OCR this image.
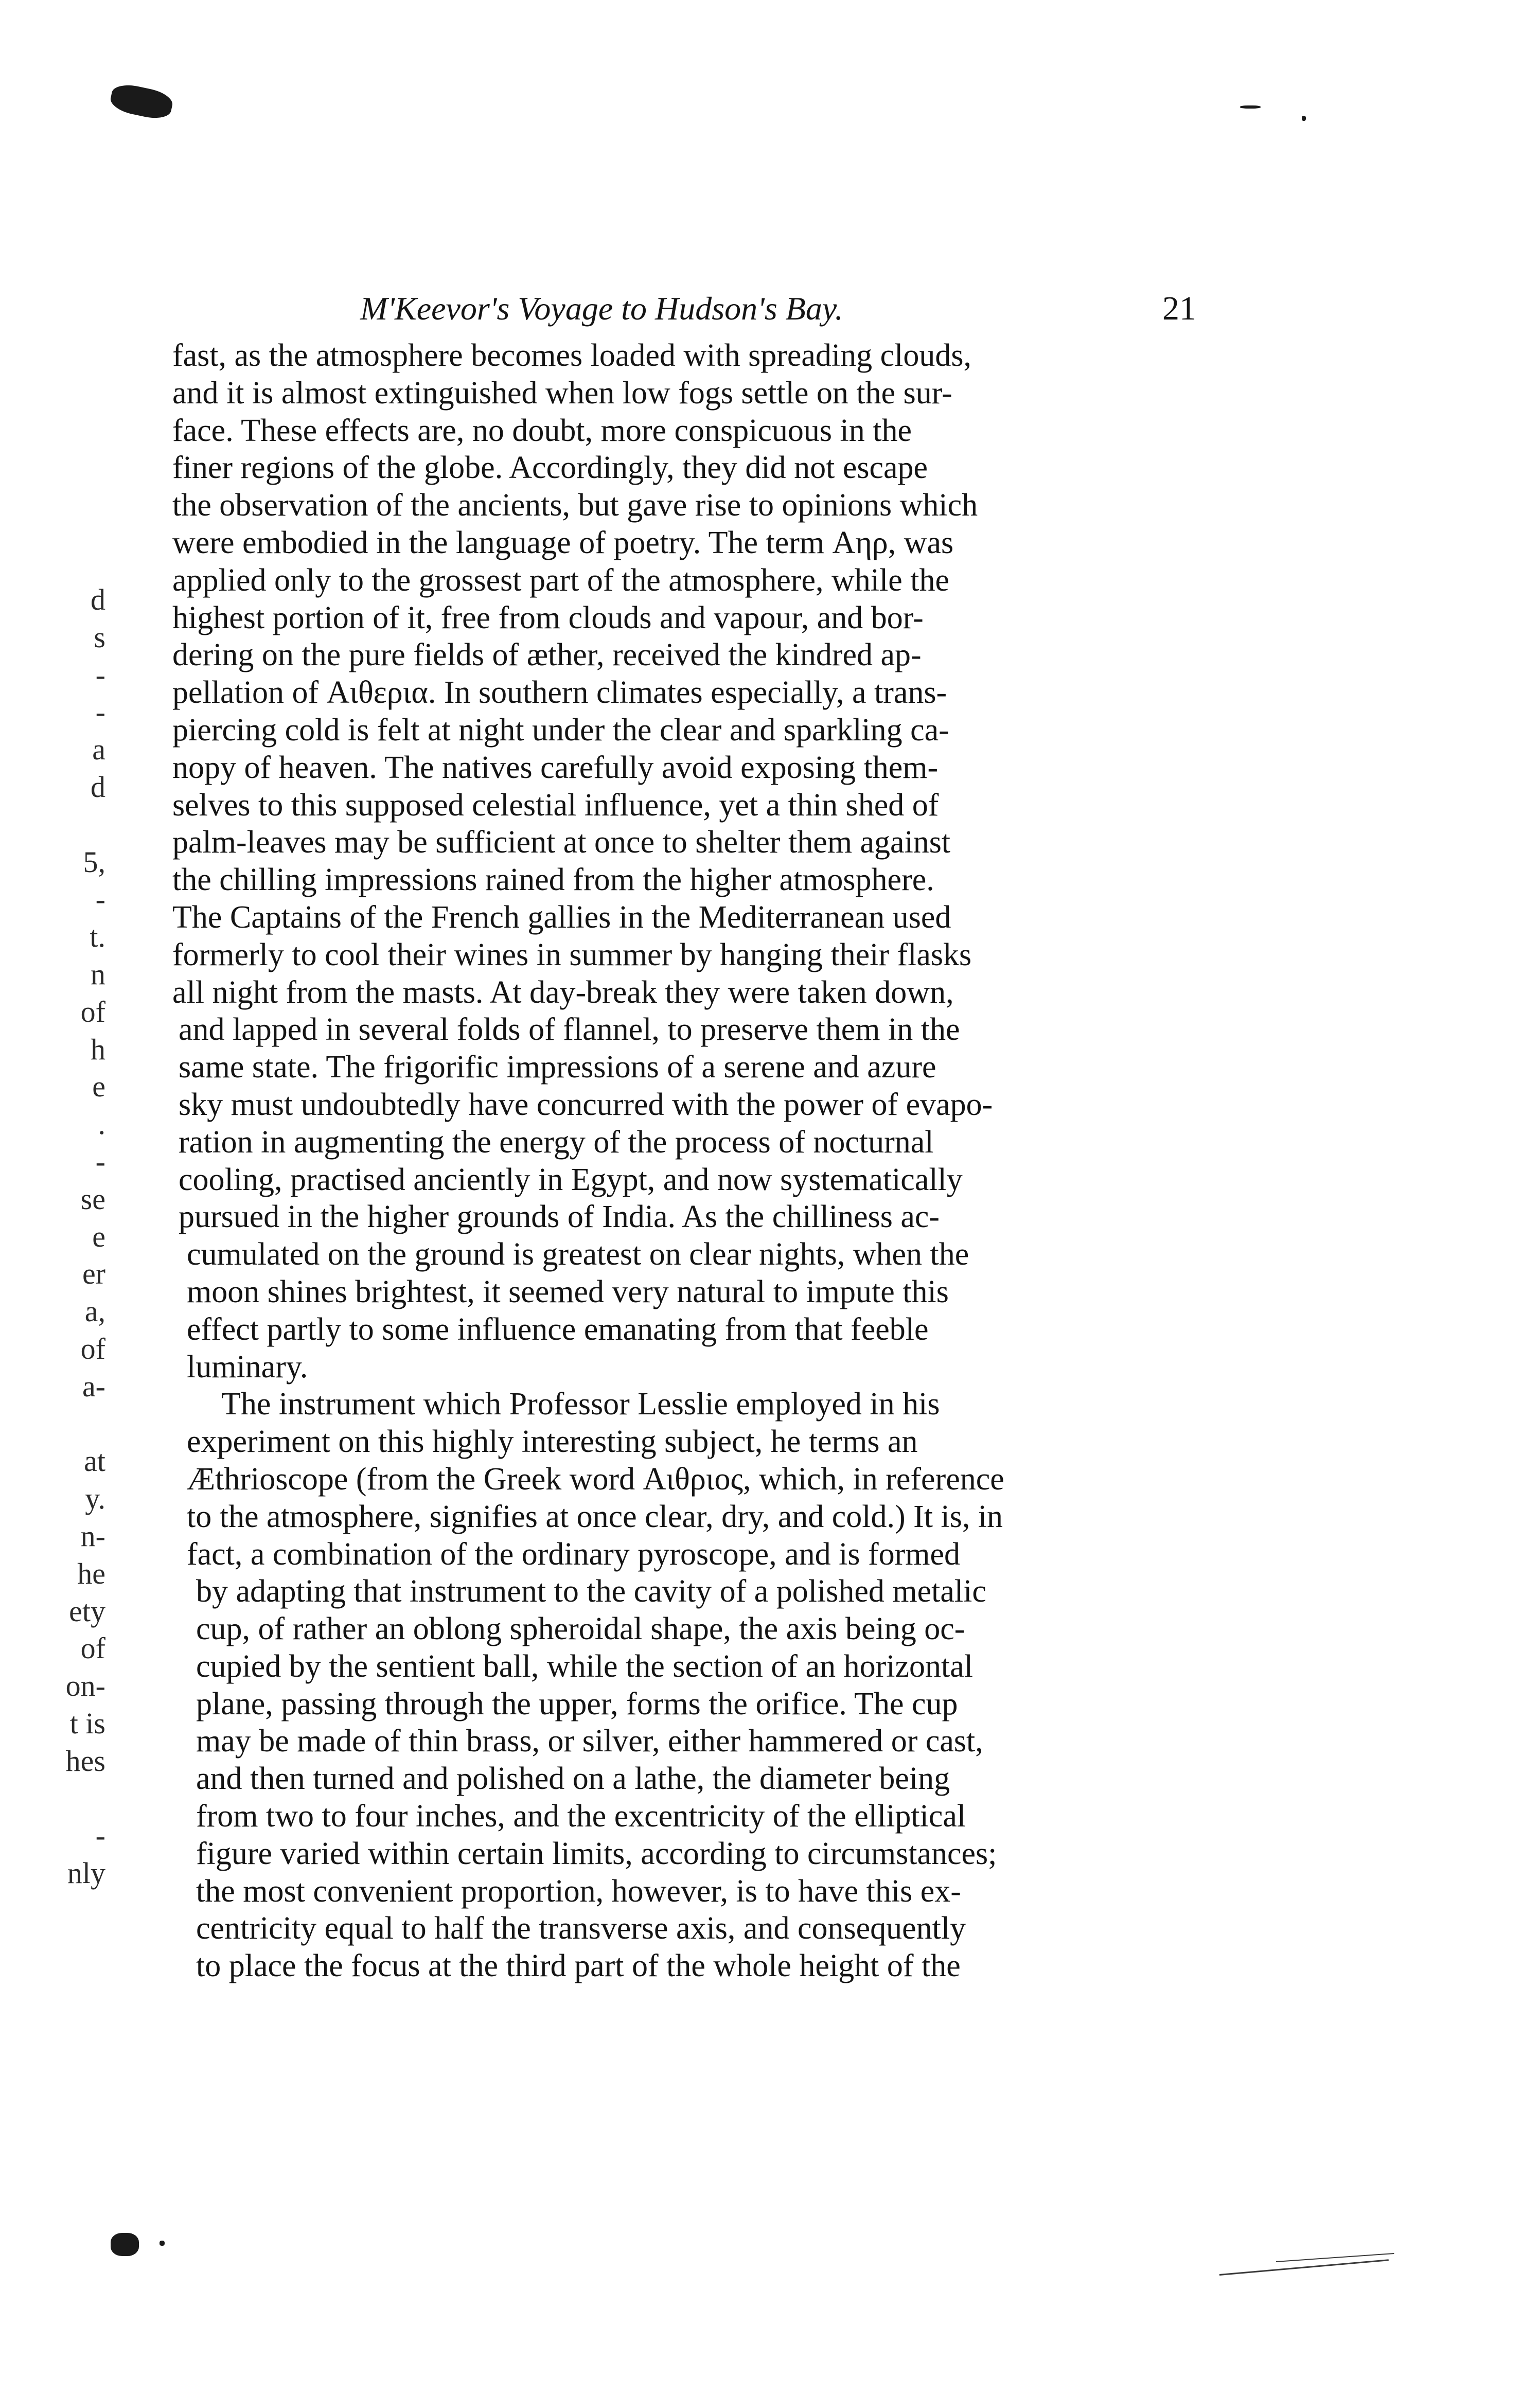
M'Keevor's Voyage to Hudson's Bay.	21
fast, as the atmosphere becomes loaded with spreading clouds,
and it is almost extinguished when low fogs settle on the sur-
face. These effects are, no doubt, more conspicuous in the
finer regions of the globe. Accordingly, they did not escape
the observation of the ancients, but gave rise to opinions which
were embodied in the language of poetry. The term Αηρ, was
applied only to the grossest part of the atmosphere, while the
highest portion of it, free from clouds and vapour, and bor-
dering on the pure fields of æther, received the kindred ap-
pellation of Αιθερια. In southern climates especially, a trans-
piercing cold is felt at night under the clear and sparkling ca-
nopy of heaven. The natives carefully avoid exposing them-
selves to this supposed celestial influence, yet a thin shed of
palm-leaves may be sufficient at once to shelter them against
the chilling impressions rained from the higher atmosphere.
The Captains of the French gallies in the Mediterranean used
formerly to cool their wines in summer by hanging their flasks
all night from the masts. At day-break they were taken down,
and lapped in several folds of flannel, to preserve them in the
same state. The frigorific impressions of a serene and azure
sky must undoubtedly have concurred with the power of evapo-
ration in augmenting the energy of the process of nocturnal
cooling, practised anciently in Egypt, and now systematically
pursued in the higher grounds of India. As the chilliness ac-
cumulated on the ground is greatest on clear nights, when the
moon shines brightest, it seemed very natural to impute this
effect partly to some influence emanating from that feeble
luminary.
The instrument which Professor Lesslie employed in his
experiment on this highly interesting subject, he terms an
Æthrioscope (from the Greek word Αιθριος, which, in reference
to the atmosphere, signifies at once clear, dry, and cold.) It is, in
fact, a combination of the ordinary pyroscope, and is formed
by adapting that instrument to the cavity of a polished metalic
cup, of rather an oblong spheroidal shape, the axis being oc-
cupied by the sentient ball, while the section of an horizontal
plane, passing through the upper, forms the orifice. The cup
may be made of thin brass, or silver, either hammered or cast,
and then turned and polished on a lathe, the diameter being
from two to four inches, and the excentricity of the elliptical
figure varied within certain limits, according to circumstances;
the most convenient proportion, however, is to have this ex-
centricity equal to half the transverse axis, and consequently
to place the focus at the third part of the whole height of the
d
s
-
-
a
d
5,
-
t.
n
of
h
e
.
-
se
e
er
a,
of
a-
at
y.
n-
he
ety
of
on-
t is
hes
-
nly
